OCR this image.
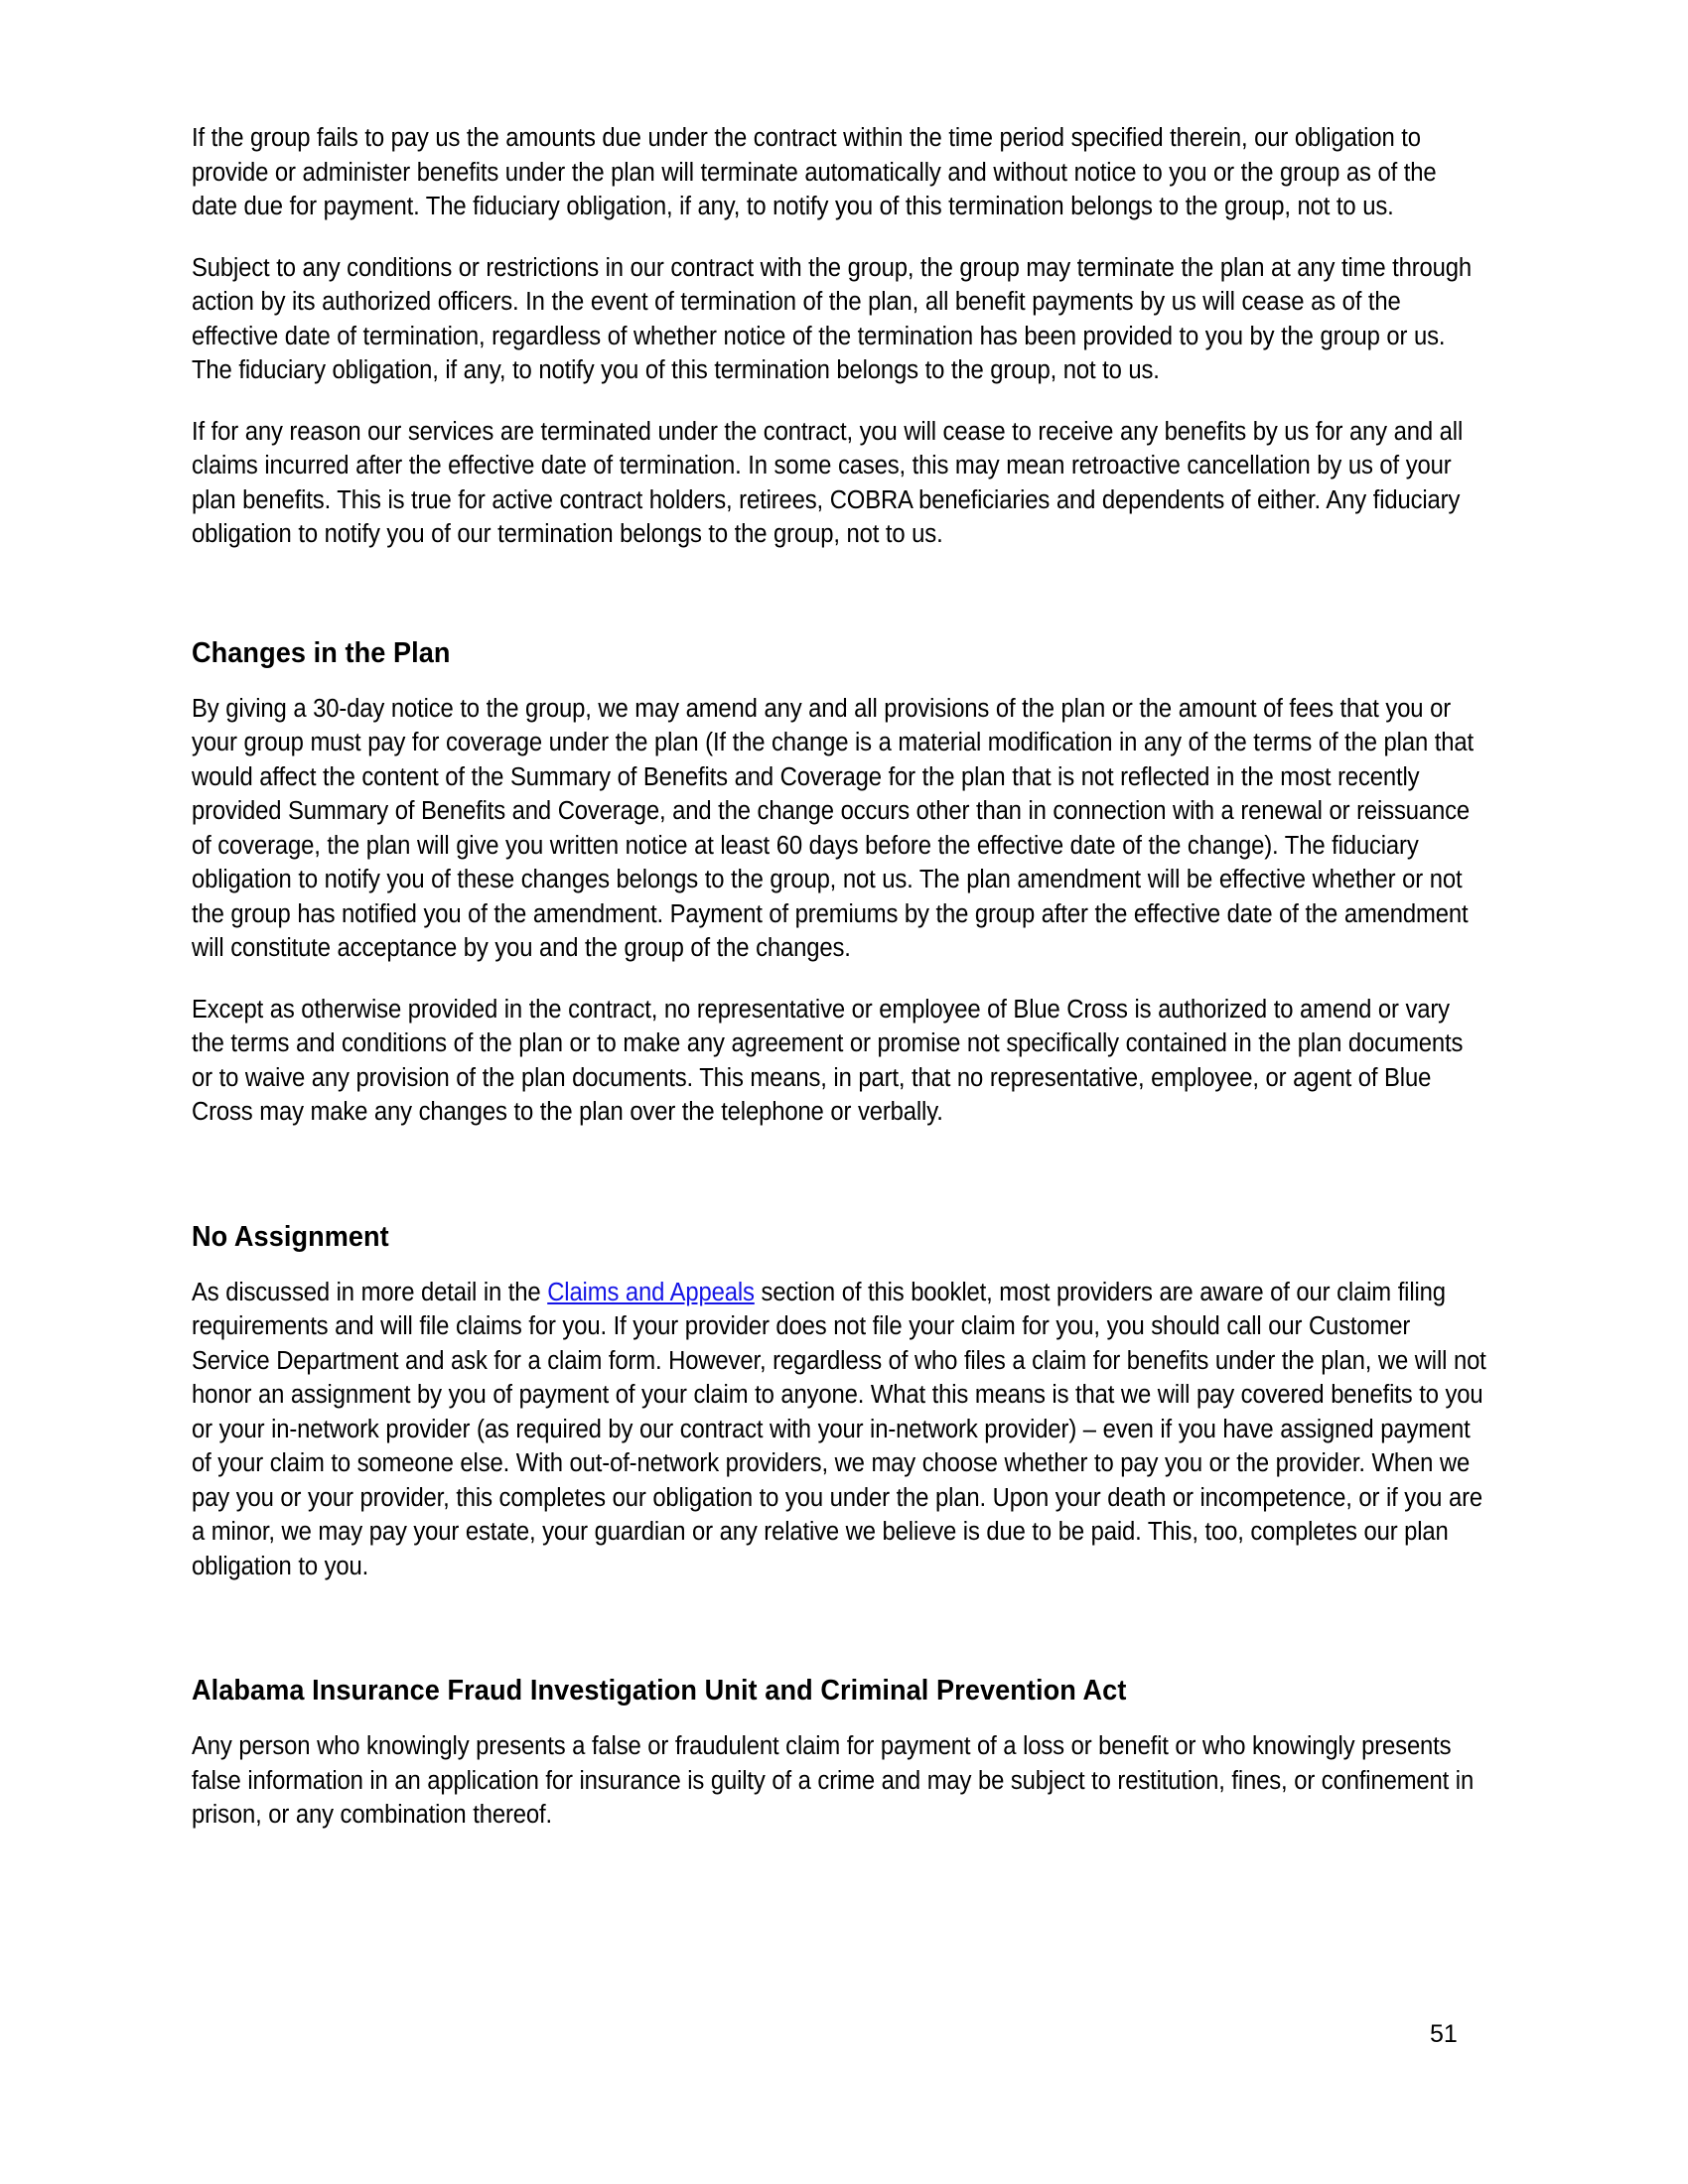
If the group fails to pay us the amounts due under the contract within the time period specified therein, our obligation to provide or administer benefits under the plan will terminate automatically and without notice to you or the group as of the date due for payment. The fiduciary obligation, if any, to notify you of this termination belongs to the group, not to us.

Subject to any conditions or restrictions in our contract with the group, the group may terminate the plan at any time through action by its authorized officers. In the event of termination of the plan, all benefit payments by us will cease as of the effective date of termination, regardless of whether notice of the termination has been provided to you by the group or us. The fiduciary obligation, if any, to notify you of this termination belongs to the group, not to us.

If for any reason our services are terminated under the contract, you will cease to receive any benefits by us for any and all claims incurred after the effective date of termination. In some cases, this may mean retroactive cancellation by us of your plan benefits. This is true for active contract holders, retirees, COBRA beneficiaries and dependents of either. Any fiduciary obligation to notify you of our termination belongs to the group, not to us.

Changes in the Plan

By giving a 30-day notice to the group, we may amend any and all provisions of the plan or the amount of fees that you or your group must pay for coverage under the plan (If the change is a material modification in any of the terms of the plan that would affect the content of the Summary of Benefits and Coverage for the plan that is not reflected in the most recently provided Summary of Benefits and Coverage, and the change occurs other than in connection with a renewal or reissuance of coverage, the plan will give you written notice at least 60 days before the effective date of the change). The fiduciary obligation to notify you of these changes belongs to the group, not us. The plan amendment will be effective whether or not the group has notified you of the amendment. Payment of premiums by the group after the effective date of the amendment will constitute acceptance by you and the group of the changes.

Except as otherwise provided in the contract, no representative or employee of Blue Cross is authorized to amend or vary the terms and conditions of the plan or to make any agreement or promise not specifically contained in the plan documents or to waive any provision of the plan documents. This means, in part, that no representative, employee, or agent of Blue Cross may make any changes to the plan over the telephone or verbally.

No Assignment

As discussed in more detail in the Claims and Appeals section of this booklet, most providers are aware of our claim filing requirements and will file claims for you. If your provider does not file your claim for you, you should call our Customer Service Department and ask for a claim form. However, regardless of who files a claim for benefits under the plan, we will not honor an assignment by you of payment of your claim to anyone. What this means is that we will pay covered benefits to you or your in-network provider (as required by our contract with your in-network provider) – even if you have assigned payment of your claim to someone else. With out-of-network providers, we may choose whether to pay you or the provider. When we pay you or your provider, this completes our obligation to you under the plan. Upon your death or incompetence, or if you are a minor, we may pay your estate, your guardian or any relative we believe is due to be paid. This, too, completes our plan obligation to you.

Alabama Insurance Fraud Investigation Unit and Criminal Prevention Act

Any person who knowingly presents a false or fraudulent claim for payment of a loss or benefit or who knowingly presents false information in an application for insurance is guilty of a crime and may be subject to restitution, fines, or confinement in prison, or any combination thereof.

51
